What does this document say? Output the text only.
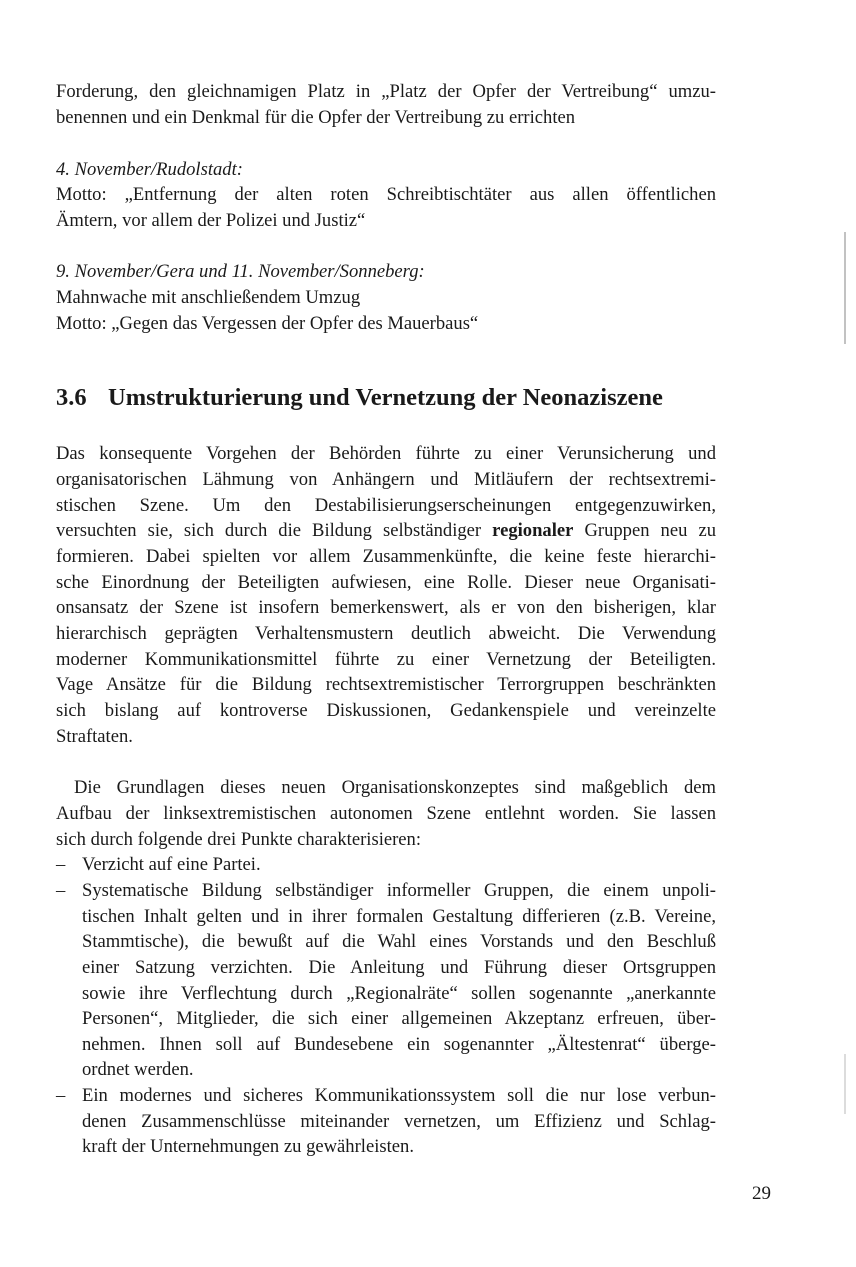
Forderung, den gleichnamigen Platz in „Platz der Opfer der Vertreibung“ umzu-
benennen und ein Denkmal für die Opfer der Vertreibung zu errichten
4. November/Rudolstadt:
Motto: „Entfernung der alten roten Schreibtischtäter aus allen öffentlichen
Ämtern, vor allem der Polizei und Justiz“
9. November/Gera und 11. November/Sonneberg:
Mahnwache mit anschließendem Umzug
Motto: „Gegen das Vergessen der Opfer des Mauerbaus“
3.6 Umstrukturierung und Vernetzung der Neonaziszene
Das konsequente Vorgehen der Behörden führte zu einer Verunsicherung und
organisatorischen Lähmung von Anhängern und Mitläufern der rechtsextremi-
stischen Szene. Um den Destabilisierungserscheinungen entgegenzuwirken,
versuchten sie, sich durch die Bildung selbständiger regionaler Gruppen neu zu
formieren. Dabei spielten vor allem Zusammenkünfte, die keine feste hierarchi-
sche Einordnung der Beteiligten aufwiesen, eine Rolle. Dieser neue Organisati-
onsansatz der Szene ist insofern bemerkenswert, als er von den bisherigen, klar
hierarchisch geprägten Verhaltensmustern deutlich abweicht. Die Verwendung
moderner Kommunikationsmittel führte zu einer Vernetzung der Beteiligten.
Vage Ansätze für die Bildung rechtsextremistischer Terrorgruppen beschränkten
sich bislang auf kontroverse Diskussionen, Gedankenspiele und vereinzelte
Straftaten.
Die Grundlagen dieses neuen Organisationskonzeptes sind maßgeblich dem
Aufbau der linksextremistischen autonomen Szene entlehnt worden. Sie lassen
sich durch folgende drei Punkte charakterisieren:
– Verzicht auf eine Partei.
– Systematische Bildung selbständiger informeller Gruppen, die einem unpoli-
tischen Inhalt gelten und in ihrer formalen Gestaltung differieren (z.B. Vereine,
Stammtische), die bewußt auf die Wahl eines Vorstands und den Beschluß
einer Satzung verzichten. Die Anleitung und Führung dieser Ortsgruppen
sowie ihre Verflechtung durch „Regionalräte“ sollen sogenannte „anerkannte
Personen“, Mitglieder, die sich einer allgemeinen Akzeptanz erfreuen, über-
nehmen. Ihnen soll auf Bundesebene ein sogenannter „Ältestenrat“ überge-
ordnet werden.
– Ein modernes und sicheres Kommunikationssystem soll die nur lose verbun-
denen Zusammenschlüsse miteinander vernetzen, um Effizienz und Schlag-
kraft der Unternehmungen zu gewährleisten.
29
